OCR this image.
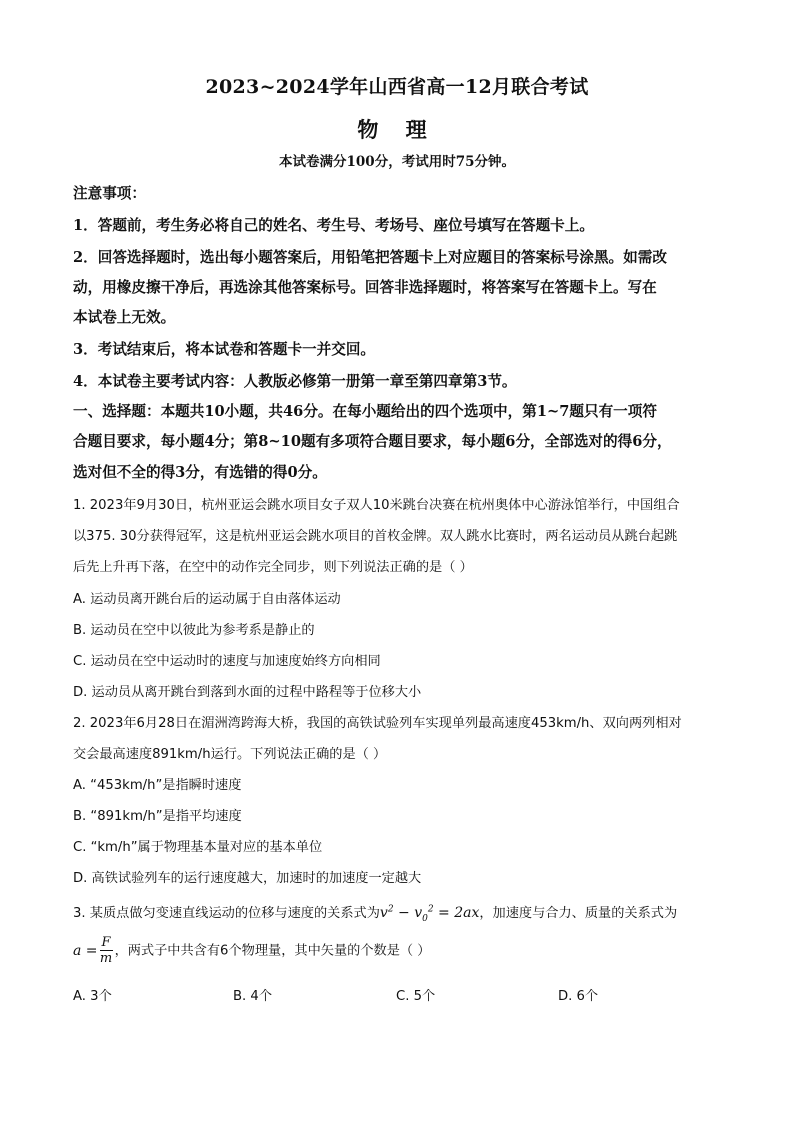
2023~2024学年山西省高一12月联合考试
物 理
本试卷满分100分，考试用时75分钟。
注意事项：
1．答题前，考生务必将自己的姓名、考生号、考场号、座位号填写在答题卡上。
2．回答选择题时，选出每小题答案后，用铅笔把答题卡上对应题目的答案标号涂黑。如需改
动，用橡皮擦干净后，再选涂其他答案标号。回答非选择题时，将答案写在答题卡上。写在
本试卷上无效。
3．考试结束后，将本试卷和答题卡一并交回。
4．本试卷主要考试内容：人教版必修第一册第一章至第四章第3节。
一、选择题：本题共10小题，共46分。在每小题给出的四个选项中，第1~7题只有一项符
合题目要求，每小题4分；第8~10题有多项符合题目要求，每小题6分，全部选对的得6分，
选对但不全的得3分，有选错的得0分。
1. 2023年9月30日，杭州亚运会跳水项目女子双人10米跳台决赛在杭州奥体中心游泳馆举行，中国组合
以375. 30分获得冠军，这是杭州亚运会跳水项目的首枚金牌。双人跳水比赛时，两名运动员从跳台起跳
后先上升再下落，在空中的动作完全同步，则下列说法正确的是（ ）
A. 运动员离开跳台后的运动属于自由落体运动
B. 运动员在空中以彼此为参考系是静止的
C. 运动员在空中运动时的速度与加速度始终方向相同
D. 运动员从离开跳台到落到水面的过程中路程等于位移大小
2. 2023年6月28日在湄洲湾跨海大桥，我国的高铁试验列车实现单列最高速度453km/h、双向两列相对
交会最高速度891km/h运行。下列说法正确的是（ ）
A. “453km/h”是指瞬时速度
B. “891km/h”是指平均速度
C. “km/h”属于物理基本量对应的基本单位
D. 高铁试验列车的运行速度越大，加速时的加速度一定越大
3. 某质点做匀变速直线运动的位移与速度的关系式为$v^2 - v_0^2 = 2ax$，加速度与合力、质量的关系式为
$a = \frac{F}{m}$ ，两式子中共含有6个物理量，其中矢量的个数是（ ）
A. 3个	B. 4个	C. 5个	D. 6个
